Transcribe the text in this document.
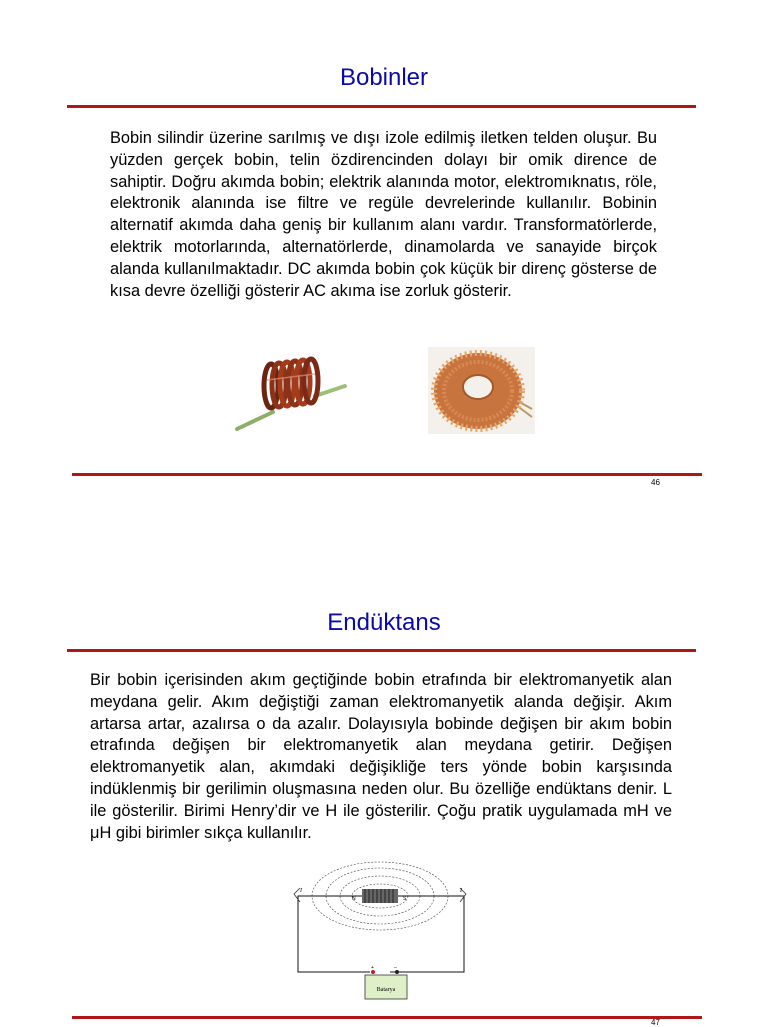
Bobinler
Bobin silindir üzerine sarılmış ve dışı izole edilmiş iletken telden oluşur. Bu yüzden gerçek bobin, telin özdirencinden dolayı bir omik dirence de sahiptir. Doğru akımda bobin; elektrik alanında motor, elektromıknatıs, röle, elektronik alanında ise filtre ve regüle devrelerinde kullanılır. Bobinin alternatif akımda daha geniş bir kullanım alanı vardır. Transformatörlerde, elektrik motorlarında, alternatörlerde, dinamolarda ve sanayide birçok alanda kullanılmaktadır. DC akımda bobin çok küçük bir direnç gösterse de kısa devre özelliği gösterir AC akıma ise zorluk gösterir.
46
Endüktans
Bir bobin içerisinden akım geçtiğinde bobin etrafında bir elektromanyetik alan meydana gelir. Akım değiştiği zaman elektromanyetik alanda değişir. Akım artarsa artar, azalırsa o da azalır. Dolayısıyla bobinde değişen bir akım bobin etrafında değişen bir elektromanyetik alan meydana getirir. Değişen elektromanyetik alan, akımdaki değişikliğe ters yönde bobin karşısında indüklenmiş bir gerilimin oluşmasına neden olur. Bu özelliğe endüktans denir. L ile gösterilir. Birimi Henry’dir ve H ile gösterilir. Çoğu pratik uygulamada mH ve μH gibi birimler sıkça kullanılır.
I	I
N	S
+	–
Batarya
47
